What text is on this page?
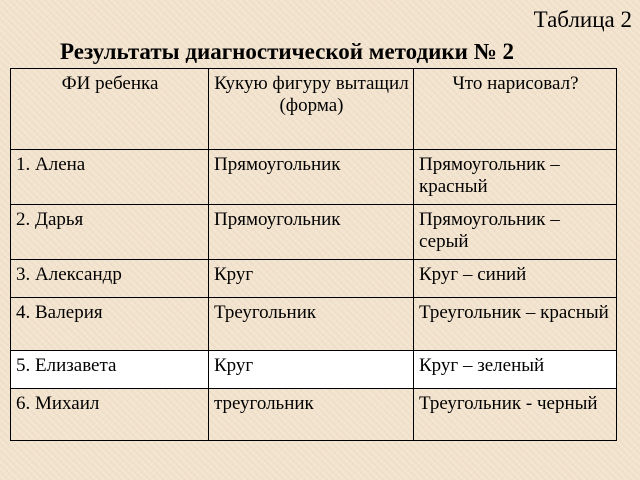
Таблица 2
Результаты диагностической методики № 2
ФИ ребенка	Кукую фигуру вытащил (форма)	Что нарисовал?
1. Алена	Прямоугольник	Прямоугольник – красный
2. Дарья	Прямоугольник	Прямоугольник – серый
3. Александр	Круг	Круг – синий
4. Валерия	Треугольник	Треугольник – красный
5. Елизавета	Круг	Круг – зеленый
6. Михаил	треугольник	Треугольник - черный
